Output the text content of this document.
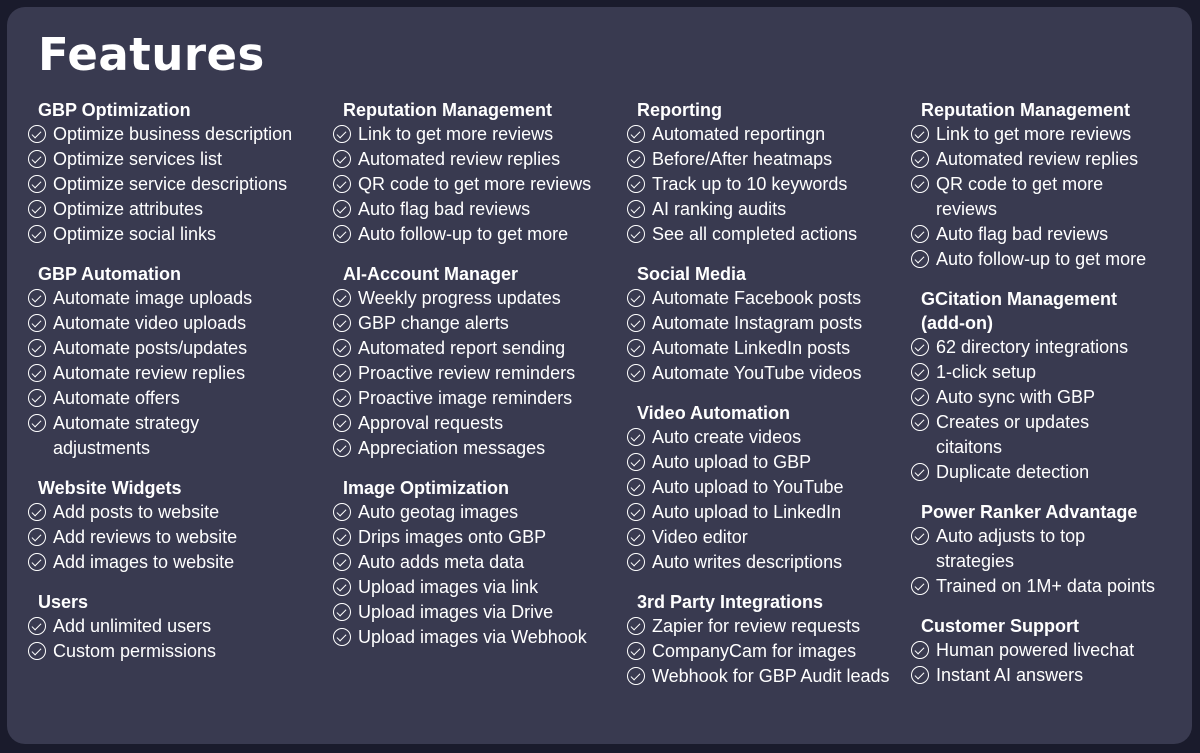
Features
GBP Optimization
Optimize business description
Optimize services list
Optimize service descriptions
Optimize attributes
Optimize social links
GBP Automation
Automate image uploads
Automate video uploads
Automate posts/updates
Automate review replies
Automate offers
Automate strategy adjustments
Website Widgets
Add posts to website
Add reviews to website
Add images to website
Users
Add unlimited users
Custom permissions
Reputation Management
Link to get more reviews
Automated review replies
QR code to get more reviews
Auto flag bad reviews
Auto follow-up to get more
AI-Account Manager
Weekly progress updates
GBP change alerts
Automated report sending
Proactive review reminders
Proactive image reminders
Approval requests
Appreciation messages
Image Optimization
Auto geotag images
Drips images onto GBP
Auto adds meta data
Upload images via link
Upload images via Drive
Upload images via Webhook
Reporting
Automated reportingn
Before/After heatmaps
Track up to 10 keywords
AI ranking audits
See all completed actions
Social Media
Automate Facebook posts
Automate Instagram posts
Automate LinkedIn posts
Automate YouTube videos
Video Automation
Auto create videos
Auto upload to GBP
Auto upload to YouTube
Auto upload to LinkedIn
Video editor
Auto writes descriptions
3rd Party Integrations
Zapier for review requests
CompanyCam for images
Webhook for GBP Audit leads
Reputation Management
Link to get more reviews
Automated review replies
QR code to get more reviews
Auto flag bad reviews
Auto follow-up to get more
GCitation Management (add-on)
62 directory integrations
1-click setup
Auto sync with GBP
Creates or updates citaitons
Duplicate detection
Power Ranker Advantage
Auto adjusts to top strategies
Trained on 1M+ data points
Customer Support
Human powered livechat
Instant AI answers
